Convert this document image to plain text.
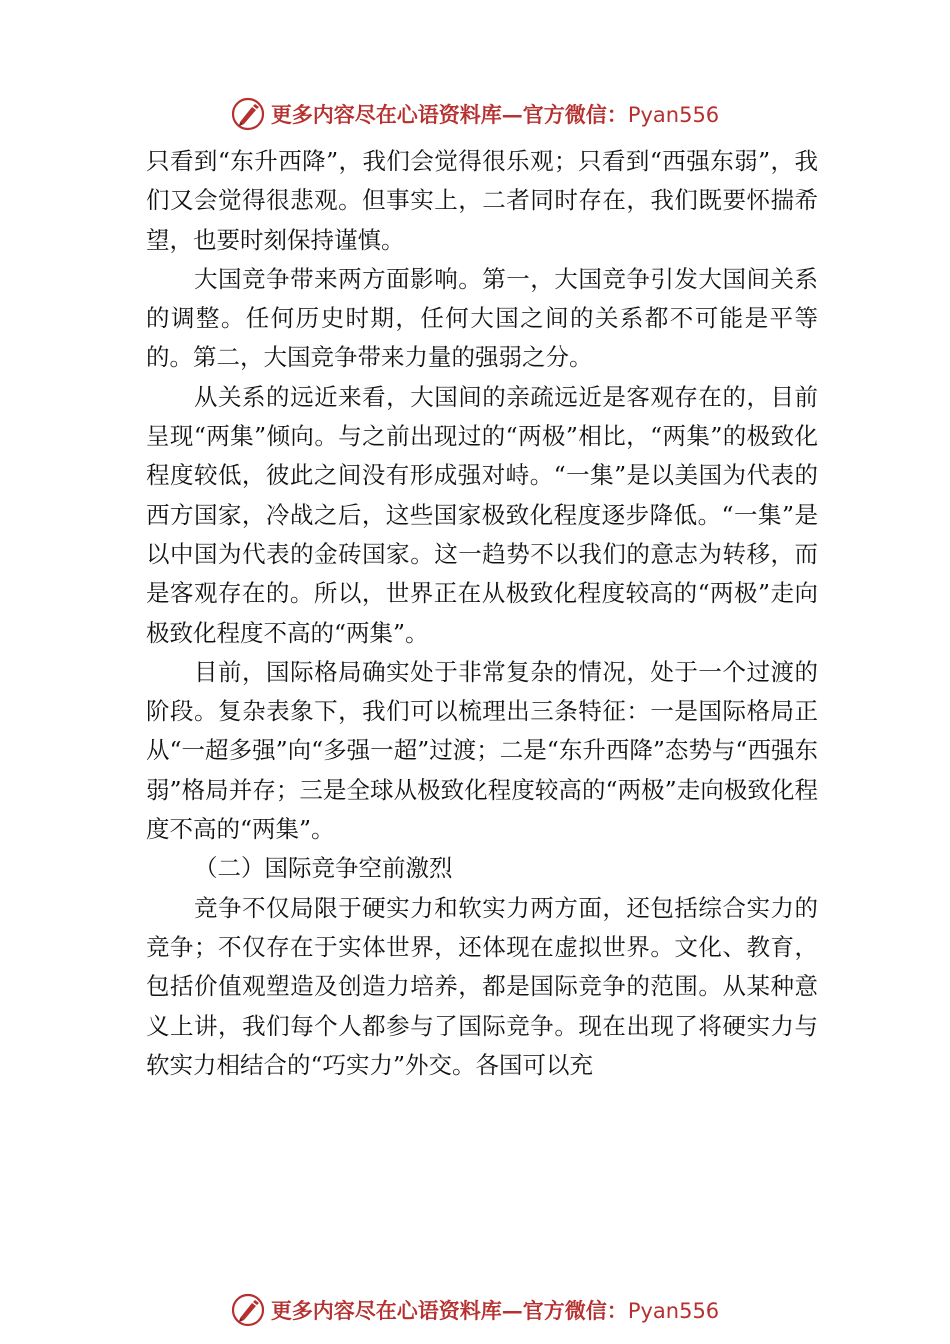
更多内容尽在心语资料库—官方微信：Pyan556

只看到“东升西降”，我们会觉得很乐观；只看到“西强东弱”，我们又会觉得很悲观。但事实上，二者同时存在，我们既要怀揣希望，也要时刻保持谨慎。

大国竞争带来两方面影响。第一，大国竞争引发大国间关系的调整。任何历史时期，任何大国之间的关系都不可能是平等的。第二，大国竞争带来力量的强弱之分。

从关系的远近来看，大国间的亲疏远近是客观存在的，目前呈现“两集”倾向。与之前出现过的“两极”相比，“两集”的极致化程度较低，彼此之间没有形成强对峙。“一集”是以美国为代表的西方国家，冷战之后，这些国家极致化程度逐步降低。“一集”是以中国为代表的金砖国家。这一趋势不以我们的意志为转移，而是客观存在的。所以，世界正在从极致化程度较高的“两极”走向极致化程度不高的“两集”。

目前，国际格局确实处于非常复杂的情况，处于一个过渡的阶段。复杂表象下，我们可以梳理出三条特征：一是国际格局正从“一超多强”向“多强一超”过渡；二是“东升西降”态势与“西强东弱”格局并存；三是全球从极致化程度较高的“两极”走向极致化程度不高的“两集”。

（二）国际竞争空前激烈

竞争不仅局限于硬实力和软实力两方面，还包括综合实力的竞争；不仅存在于实体世界，还体现在虚拟世界。文化、教育，包括价值观塑造及创造力培养，都是国际竞争的范围。从某种意义上讲，我们每个人都参与了国际竞争。现在出现了将硬实力与软实力相结合的“巧实力”外交。各国可以充

更多内容尽在心语资料库—官方微信：Pyan556
